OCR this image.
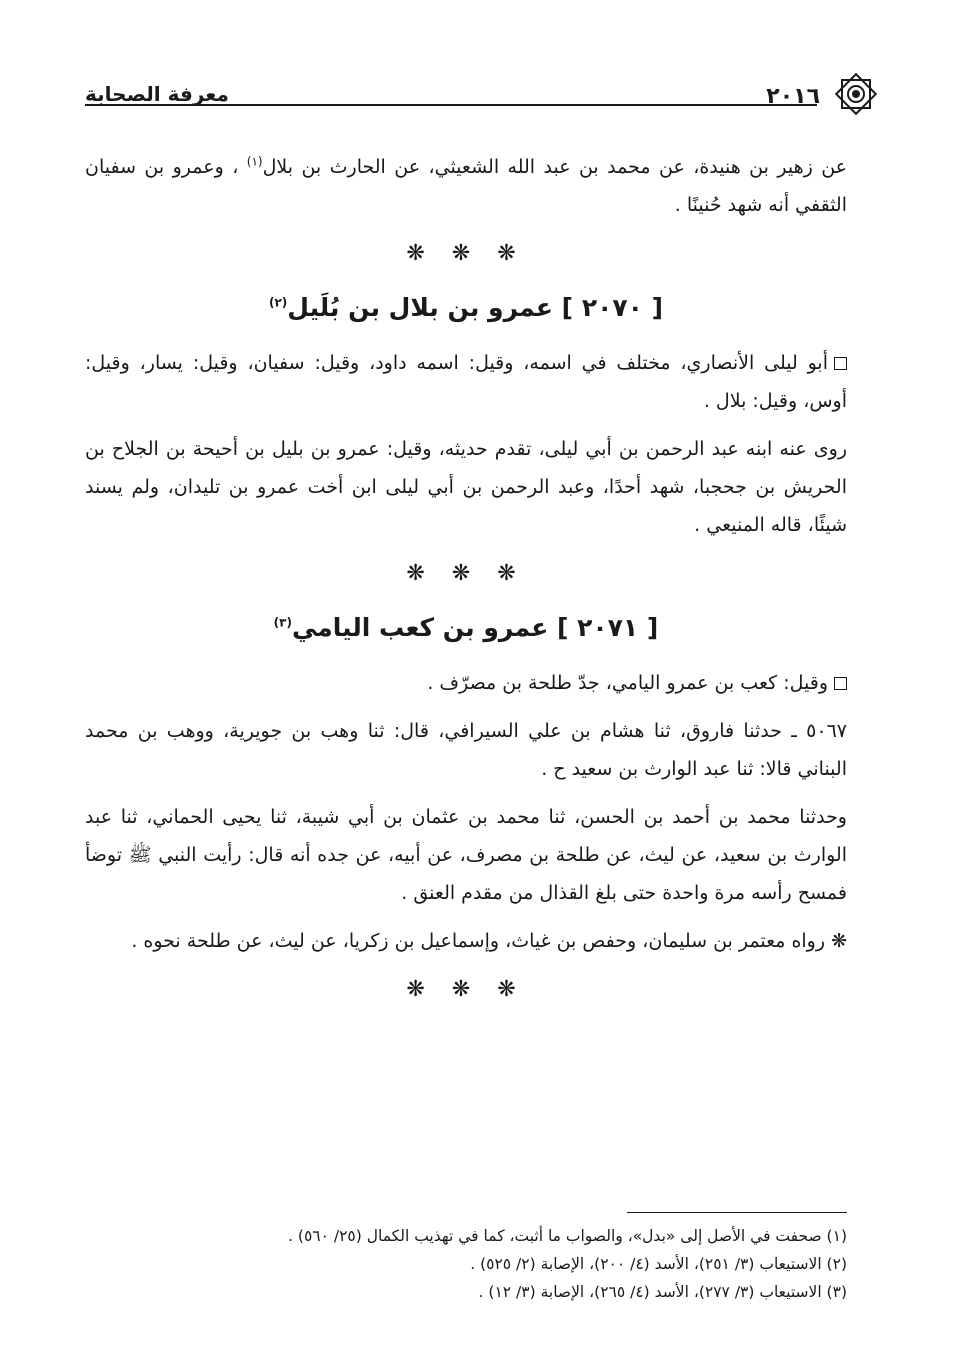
٢٠١٦
معرفة الصحابة

عن زهير بن هنيدة، عن محمد بن عبد الله الشعيثي، عن الحارث بن بلال$^{(١)}$ ، وعمرو بن سفيان الثقفي أنه شهد حُنينًا .

❋ ❋ ❋
[ ٢٠٧٠ ] عمرو بن بلال بن بُلَيل$^{(٢)}$

أبو ليلى الأنصاري، مختلف في اسمه، وقيل: اسمه داود، وقيل: سفيان، وقيل: يسار، وقيل: أوس، وقيل: بلال .

روى عنه ابنه عبد الرحمن بن أبي ليلى، تقدم حديثه، وقيل: عمرو بن بليل بن أحيحة بن الجلاح بن الحريش بن جحجبا، شهد أحدًا، وعبد الرحمن بن أبي ليلى ابن أخت عمرو بن تليدان، ولم يسند شيئًا، قاله المنيعي .

❋ ❋ ❋
[ ٢٠٧١ ] عمرو بن كعب اليامي$^{(٣)}$

وقيل: كعب بن عمرو اليامي، جدّ طلحة بن مصرّف .

٥٠٦٧ ـ حدثنا فاروق، ثنا هشام بن علي السيرافي، قال: ثنا وهب بن جويرية، ووهب بن محمد البناني قالا: ثنا عبد الوارث بن سعيد ح .

وحدثنا محمد بن أحمد بن الحسن، ثنا محمد بن عثمان بن أبي شيبة، ثنا يحيى الحماني، ثنا عبد الوارث بن سعيد، عن ليث، عن طلحة بن مصرف، عن أبيه، عن جده أنه قال: رأيت النبي ﷺ توضأ فمسح رأسه مرة واحدة حتى بلغ القذال من مقدم العنق .

❋ رواه معتمر بن سليمان، وحفص بن غياث، وإسماعيل بن زكريا، عن ليث، عن طلحة نحوه .

❋ ❋ ❋
(١) صحفت في الأصل إلى «بدل»، والصواب ما أثبت، كما في تهذيب الكمال (٢٥/ ٥٦٠) .
(٢) الاستيعاب (٣/ ٢٥١)، الأسد (٤/ ٢٠٠)، الإصابة (٢/ ٥٢٥) .
(٣) الاستيعاب (٣/ ٢٧٧)، الأسد (٤/ ٢٦٥)، الإصابة (٣/ ١٢) .
